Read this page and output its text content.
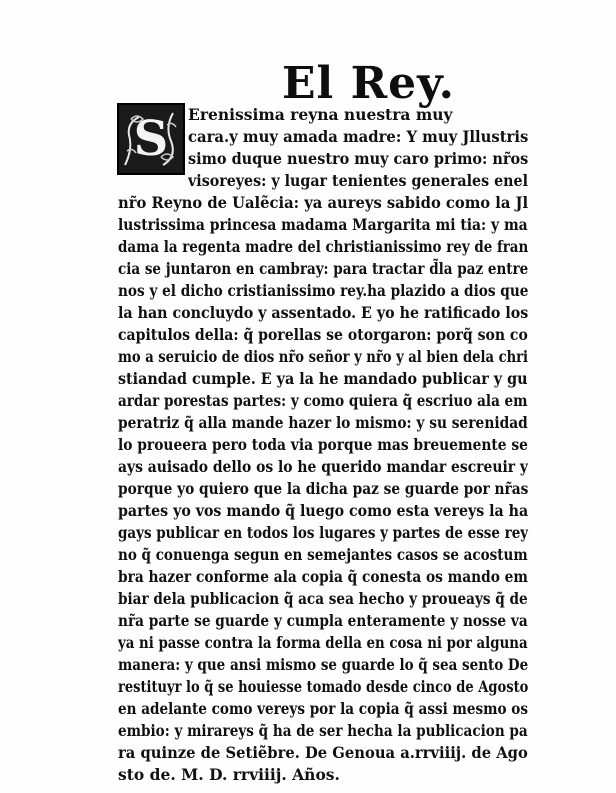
El Rey.
S Erenissima reyna nuestra muy
cara.y muy amada madre: Y muy Jllustris
simo duque nuestro muy caro primo: nr̃os
visoreyes: y lugar tenientes generales enel
nr̃o Reyno de Ualẽcia: ya aureys sabido como la Jl
lustrissima princesa madama Margarita mi tia: y ma
dama la regenta madre del christianissimo rey de fran
cia se juntaron en cambray: para tractar d̃la paz entre
nos y el dicho cristianissimo rey.ha plazido a dios que
la han concluydo y assentado. E yo he ratificado los
capitulos della: q̃ porellas se otorgaron: porq̃ son co
mo a seruicio de dios nr̃o señor y nr̃o y al bien dela chri
stiandad cumple. E ya la he mandado publicar y gu
ardar porestas partes: y como quiera q̃ escriuo ala em
peratriz q̃ alla mande hazer lo mismo: y su serenidad
lo proueera pero toda via porque mas breuemente se
ays auisado dello os lo he querido mandar escreuir y
porque yo quiero que la dicha paz se guarde por nr̃as
partes yo vos mando q̃ luego como esta vereys la ha
gays publicar en todos los lugares y partes de esse rey
no q̃ conuenga segun en semejantes casos se acostum
bra hazer conforme ala copia q̃ conesta os mando em
biar dela publicacion q̃ aca sea hecho y proueays q̃ de
nr̃a parte se guarde y cumpla enteramente y nosse va
ya ni passe contra la forma della en cosa ni por alguna
manera: y que ansi mismo se guarde lo q̃ sea sento De
restituyr lo q̃ se houiesse tomado desde cinco de Agosto
en adelante como vereys por la copia q̃ assi mesmo os
embio: y mirareys q̃ ha de ser hecha la publicacion pa
ra quinze de Setiẽbre. De Genoua a.rrviiij. de Ago
sto de. M. D. rrviiij. Años.
